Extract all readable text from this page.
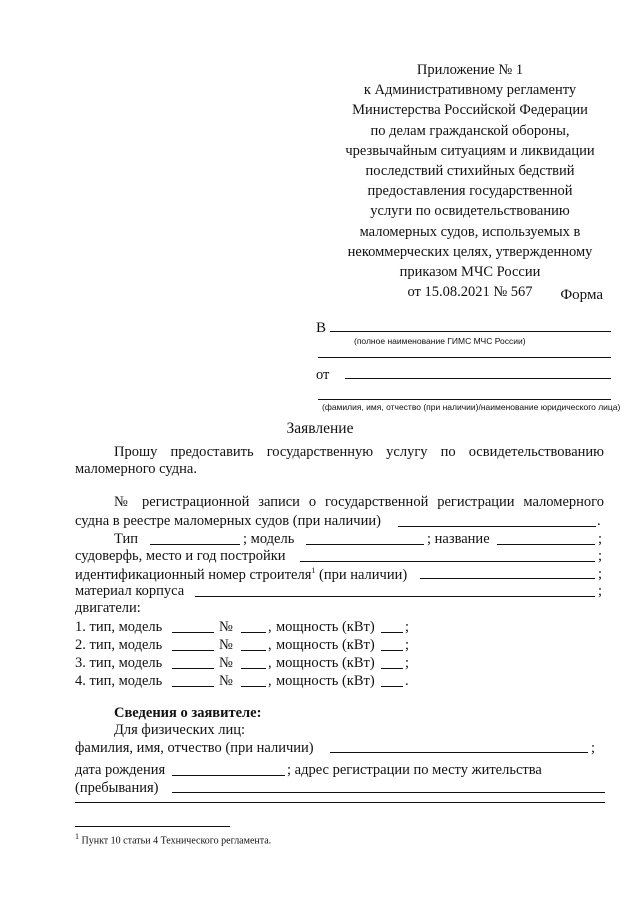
Приложение № 1
к Административному регламенту
Министерства Российской Федерации
по делам гражданской обороны,
чрезвычайным ситуациям и ликвидации
последствий стихийных бедствий
предоставления государственной
услуги по освидетельствованию
маломерных судов, используемых в
некоммерческих целях, утвержденному
приказом МЧС России
от 15.08.2021 № 567	Форма
В
(полное наименование ГИМС МЧС России)
от
(фамилия, имя, отчество (при наличии)/наименование юридического лица)
Заявление
Прошу предоставить государственную услугу по освидетельствованию
маломерного судна.
№ регистрационной записи о государственной регистрации маломерного
судна в реестре маломерных судов (при наличии)	.
Тип	; модель	; название	;
судоверфь, место и год постройки	;
идентификационный номер строителя$^1$ (при наличии)	;
материал корпуса	;
двигатели:
1. тип, модель	№ , мощность (кВт) ;
2. тип, модель	№ , мощность (кВт) ;
3. тип, модель	№ , мощность (кВт) ;
4. тип, модель	№ , мощность (кВт) .
Сведения о заявителе:
Для физических лиц:
фамилия, имя, отчество (при наличии)	;
дата рождения	; адрес регистрации по месту жительства
(пребывания)
$^1$ Пункт 10 статьи 4 Технического регламента.
